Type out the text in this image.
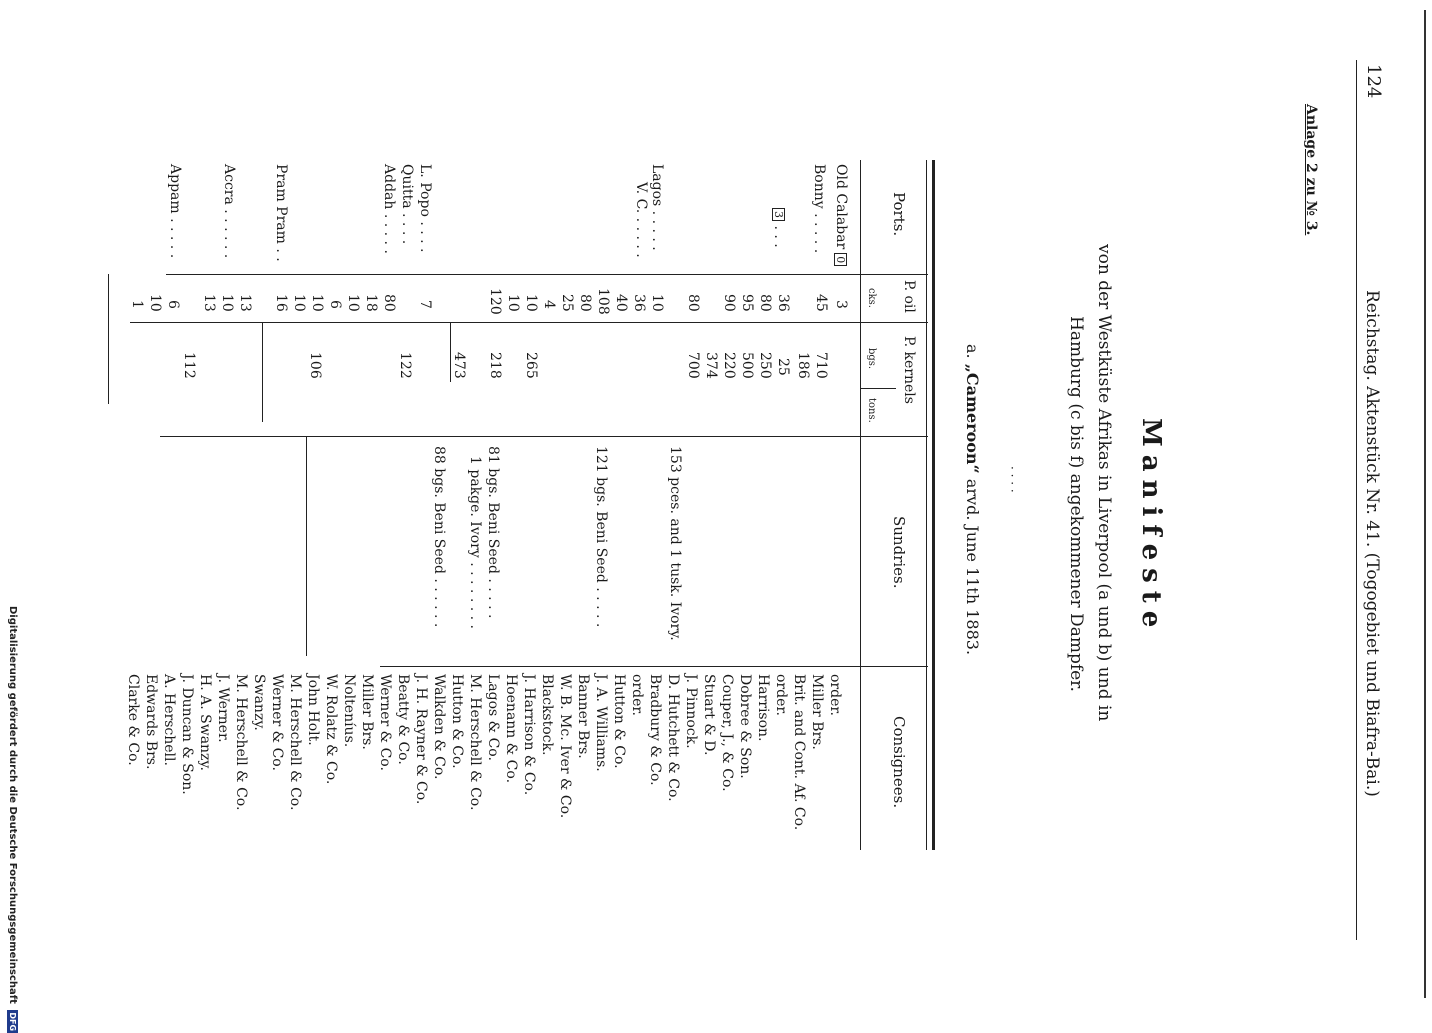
Digitalisierung gefördert durch die Deutsche Forschungsgemeinschaft DFG
124
Reichstag. Aktenstück Nr. 41. (Togogebiet und Biafra-Bai.)
Anlage 2 zu № 3.
Manifeste
von der Westküste Afrikas in Liverpool (a und b) und in
Hamburg (c bis f) angekommener Dampfer.
· · · ·
a. „Cameroon“ arvd. June 11th 1883.
Ports.
P. oil
cks.
P. kernels
bgs.
tons.
Sundries.
Consignees.
Old Calabar0
Bonny . . . . .
3 . . .
Lagos . . . . .
V. C. . . . . .
L. Popo . . . .
Quitta . . . .
Addah . . . . .
Pram Pram . .
Accra . . . . . .
Appam . . . . .
3
45
36
80
95
90
80
10
36
40
108
80
25
4
10
10
120
7
80
18
10
6
10
10
16
13
10
13
6
10
1
710
186
25
250
500
220
374
700
265
218
473
122
106
112
153 pces. and 1 tusk. Ivory.
121 bgs. Beni Seed . . . . .
81 bgs. Beni Seed . . . . .
1 pakge. Ivory . . . . . . . .
88 bgs. Beni Seed . . . . . .
order.
Miller Brs.
Brit. and Cont. Af. Co.
order.
Harrison.
Dobree & Son.
Couper, J., & Co.
Stuart & D.
J. Pinnock.
D. Hutchett & Co.
Bradbury & Co.
order.
Hutton & Co.
J. A. Williams.
Banner Brs.
W. B. Mc. Iver & Co.
Blackstock.
J. Harrison & Co.
Hoenann & Co.
Lagos & Co.
M. Herschell & Co.
Hutton & Co.
Walkden & Co.
J. H. Rayner & Co.
Beatty & Co.
Werner & Co.
Miller Brs.
Nolteníus.
W. Rolatz & Co.
John Holt.
M. Herschell & Co.
Werner & Co.
Swanzy.
M. Herschell & Co.
J. Werner.
H. A. Swanzy.
J. Duncan & Son.
A. Herschell.
Edwards Brs.
Clarke & Co.
